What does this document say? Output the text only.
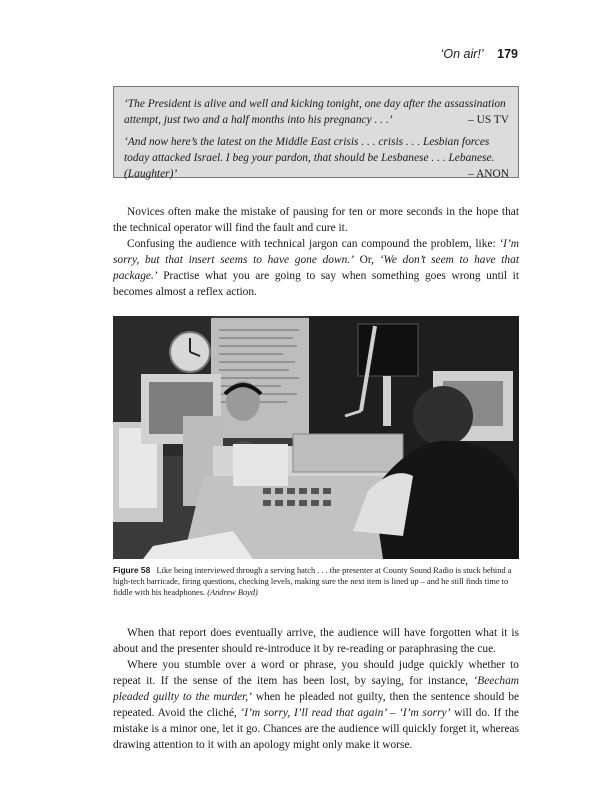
‘On air!’ 179

‘The President is alive and well and kicking tonight, one day after the assassination attempt, just two and a half months into his pregnancy . . .’	– US TV

‘And now here’s the latest on the Middle East crisis . . . crisis . . . Lesbian forces today attacked Israel. I beg your pardon, that should be Lesbanese . . . Lebanese. (Laughter)’	– ANON

Novices often make the mistake of pausing for ten or more seconds in the hope that the technical operator will find the fault and cure it.

Confusing the audience with technical jargon can compound the problem, like: ‘I’m sorry, but that insert seems to have gone down.’ Or, ‘We don’t seem to have that package.’ Practise what you are going to say when something goes wrong until it becomes almost a reflex action.

Figure 58 Like being interviewed through a serving hatch . . . the presenter at County Sound Radio is stuck behind a high-tech barricade, firing questions, checking levels, making sure the next item is lined up – and he still finds time to fiddle with his headphones. (Andrew Boyd)

When that report does eventually arrive, the audience will have forgotten what it is about and the presenter should re-introduce it by re-reading or paraphrasing the cue.

Where you stumble over a word or phrase, you should judge quickly whether to repeat it. If the sense of the item has been lost, by saying, for instance, ‘Beecham pleaded guilty to the murder,’ when he pleaded not guilty, then the sentence should be repeated. Avoid the cliché, ‘I’m sorry, I’ll read that again’ – ‘I’m sorry’ will do. If the mistake is a minor one, let it go. Chances are the audience will quickly forget it, whereas drawing attention to it with an apology might only make it worse.
